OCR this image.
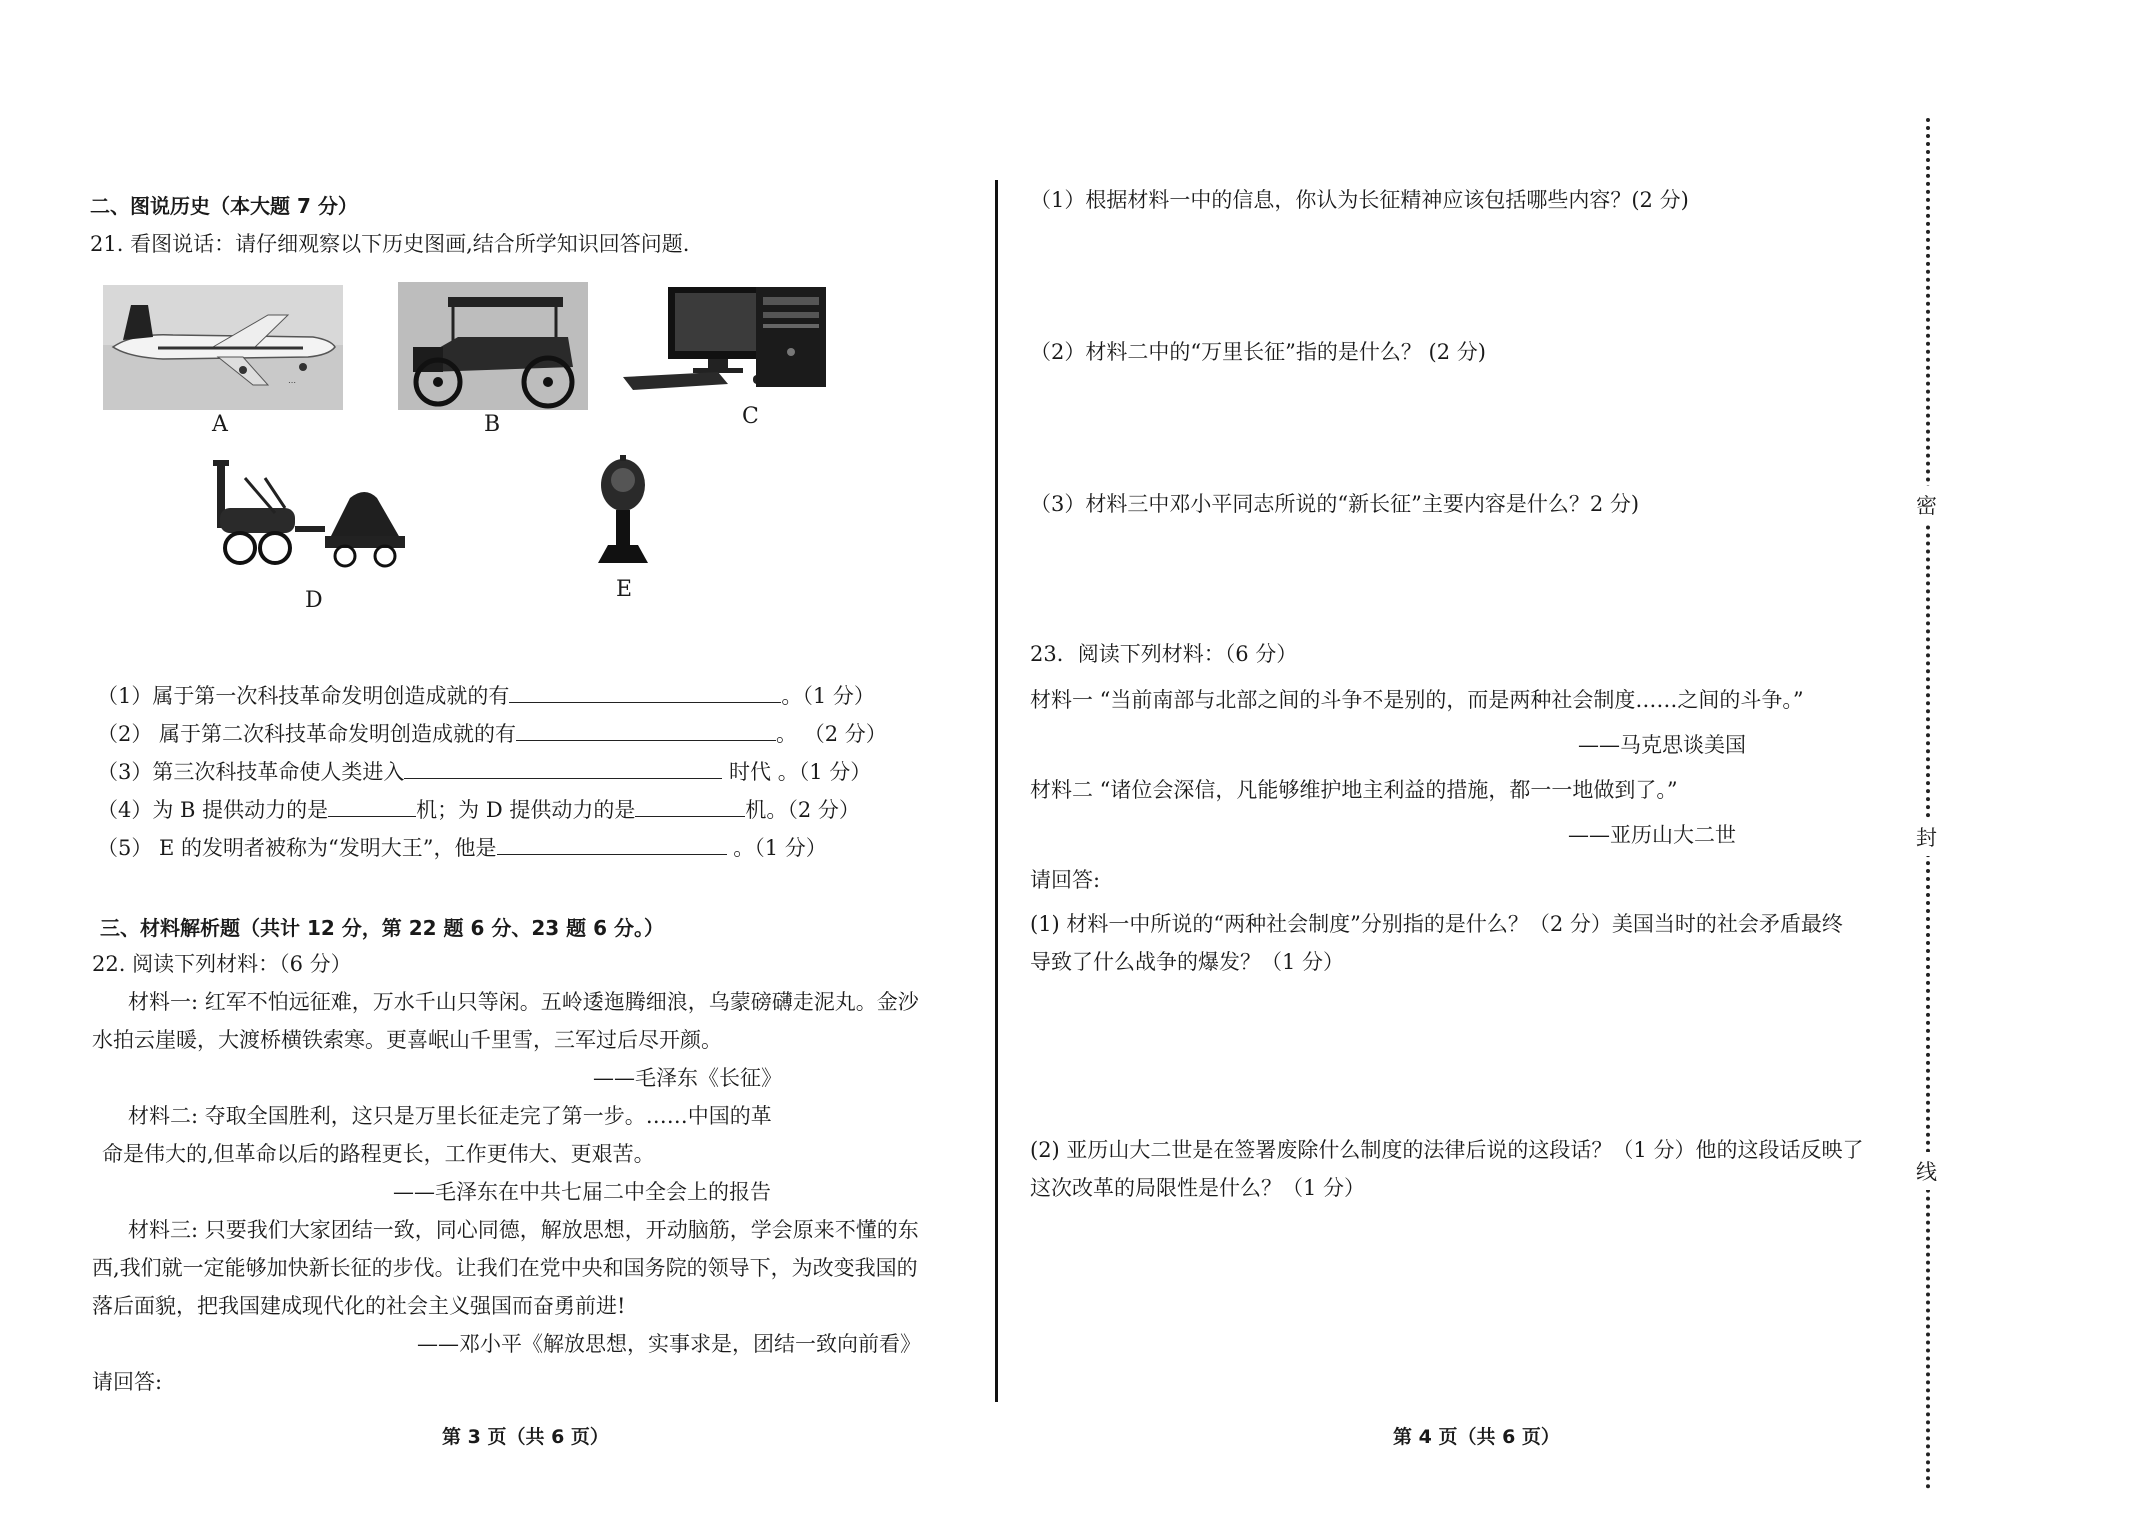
二、图说历史（本大题 7 分）
21. 看图说话：请仔细观察以下历史图画,结合所学知识回答问题.
⋯
A	B	C
D	E
（1）属于第一次科技革命发明创造成就的有	。（1 分）
（2） 属于第二次科技革命发明创造成就的有	。 （2 分）
（3）第三次科技革命使人类进入	时代 。（1 分）
（4）为 B 提供动力的是	机；为 D 提供动力的是	机。（2 分）
（5） E 的发明者被称为“发明大王”，他是	。（1 分）
三、材料解析题（共计 12 分，第 22 题 6 分、23 题 6 分。）
22. 阅读下列材料：（6 分）
材料一: 红军不怕远征难，万水千山只等闲。五岭逶迤腾细浪，乌蒙磅礴走泥丸。金沙
水拍云崖暖，大渡桥横铁索寒。更喜岷山千里雪，三军过后尽开颜。
——毛泽东《长征》
材料二: 夺取全国胜利，这只是万里长征走完了第一步。……中国的革
命是伟大的,但革命以后的路程更长，工作更伟大、更艰苦。
——毛泽东在中共七届二中全会上的报告
材料三: 只要我们大家团结一致，同心同德，解放思想，开动脑筋，学会原来不懂的东
西,我们就一定能够加快新长征的步伐。让我们在党中央和国务院的领导下，为改变我国的
落后面貌，把我国建成现代化的社会主义强国而奋勇前进!
——邓小平《解放思想，实事求是，团结一致向前看》
请回答:
第 3 页（共 6 页）
（1）根据材料一中的信息，你认为长征精神应该包括哪些内容？(2 分)
（2）材料二中的“万里长征”指的是什么？ (2 分)
（3）材料三中邓小平同志所说的“新长征”主要内容是什么？2 分)
23．阅读下列材料：（6 分）
材料一 “当前南部与北部之间的斗争不是别的，而是两种社会制度……之间的斗争。”
——马克思谈美国
材料二 “诸位会深信，凡能够维护地主利益的措施，都一一地做到了。”
——亚历山大二世
请回答:
(1) 材料一中所说的“两种社会制度”分别指的是什么？（2 分）美国当时的社会矛盾最终
导致了什么战争的爆发？（1 分）
(2) 亚历山大二世是在签署废除什么制度的法律后说的这段话？（1 分）他的这段话反映了
这次改革的局限性是什么？（1 分）
第 4 页（共 6 页）
密
封
线
